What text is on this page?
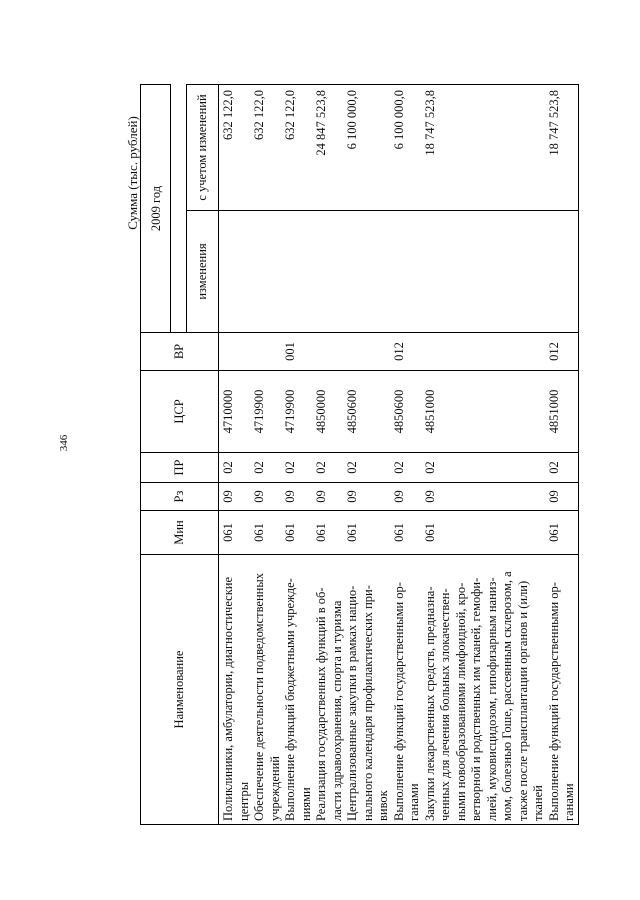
346
Сумма (тыс. рублей)
Наименование	Мин	Рз	ПР	ЦСР	ВР	2009 год	

						изменения	с учетом изменений
Поликлиники, амбулатории, диагностические центры	061	09	02	4710000			632 122,0
Обеспечение деятельности подведомственных учреждений	061	09	02	4719900			632 122,0
Выполнение функций бюджетными учрежде-ниями	061	09	02	4719900	001		632 122,0
Реализация государственных функций в об-ласти здравоохранения, спорта и туризма	061	09	02	4850000			24 847 523,8
Централизованные закупки в рамках нацио-нального календаря профилактических при-вивок	061	09	02	4850600			6 100 000,0
Выполнение функций государственными ор-ганами	061	09	02	4850600	012		6 100 000,0
Закупки лекарственных средств, предназна-ченных для лечения больных злокачествен-ными новообразованиями лимфоидной, кро-ветворной и родственных им тканей, гемофи-лией, муковисцидозом, гипофизарным наниз-мом, болезнью Гоше, рассеянным склерозом, а также после трансплантации органов и (или) тканей	061	09	02	4851000			18 747 523,8
Выполнение функций государственными ор-ганами	061	09	02	4851000	012		18 747 523,8
